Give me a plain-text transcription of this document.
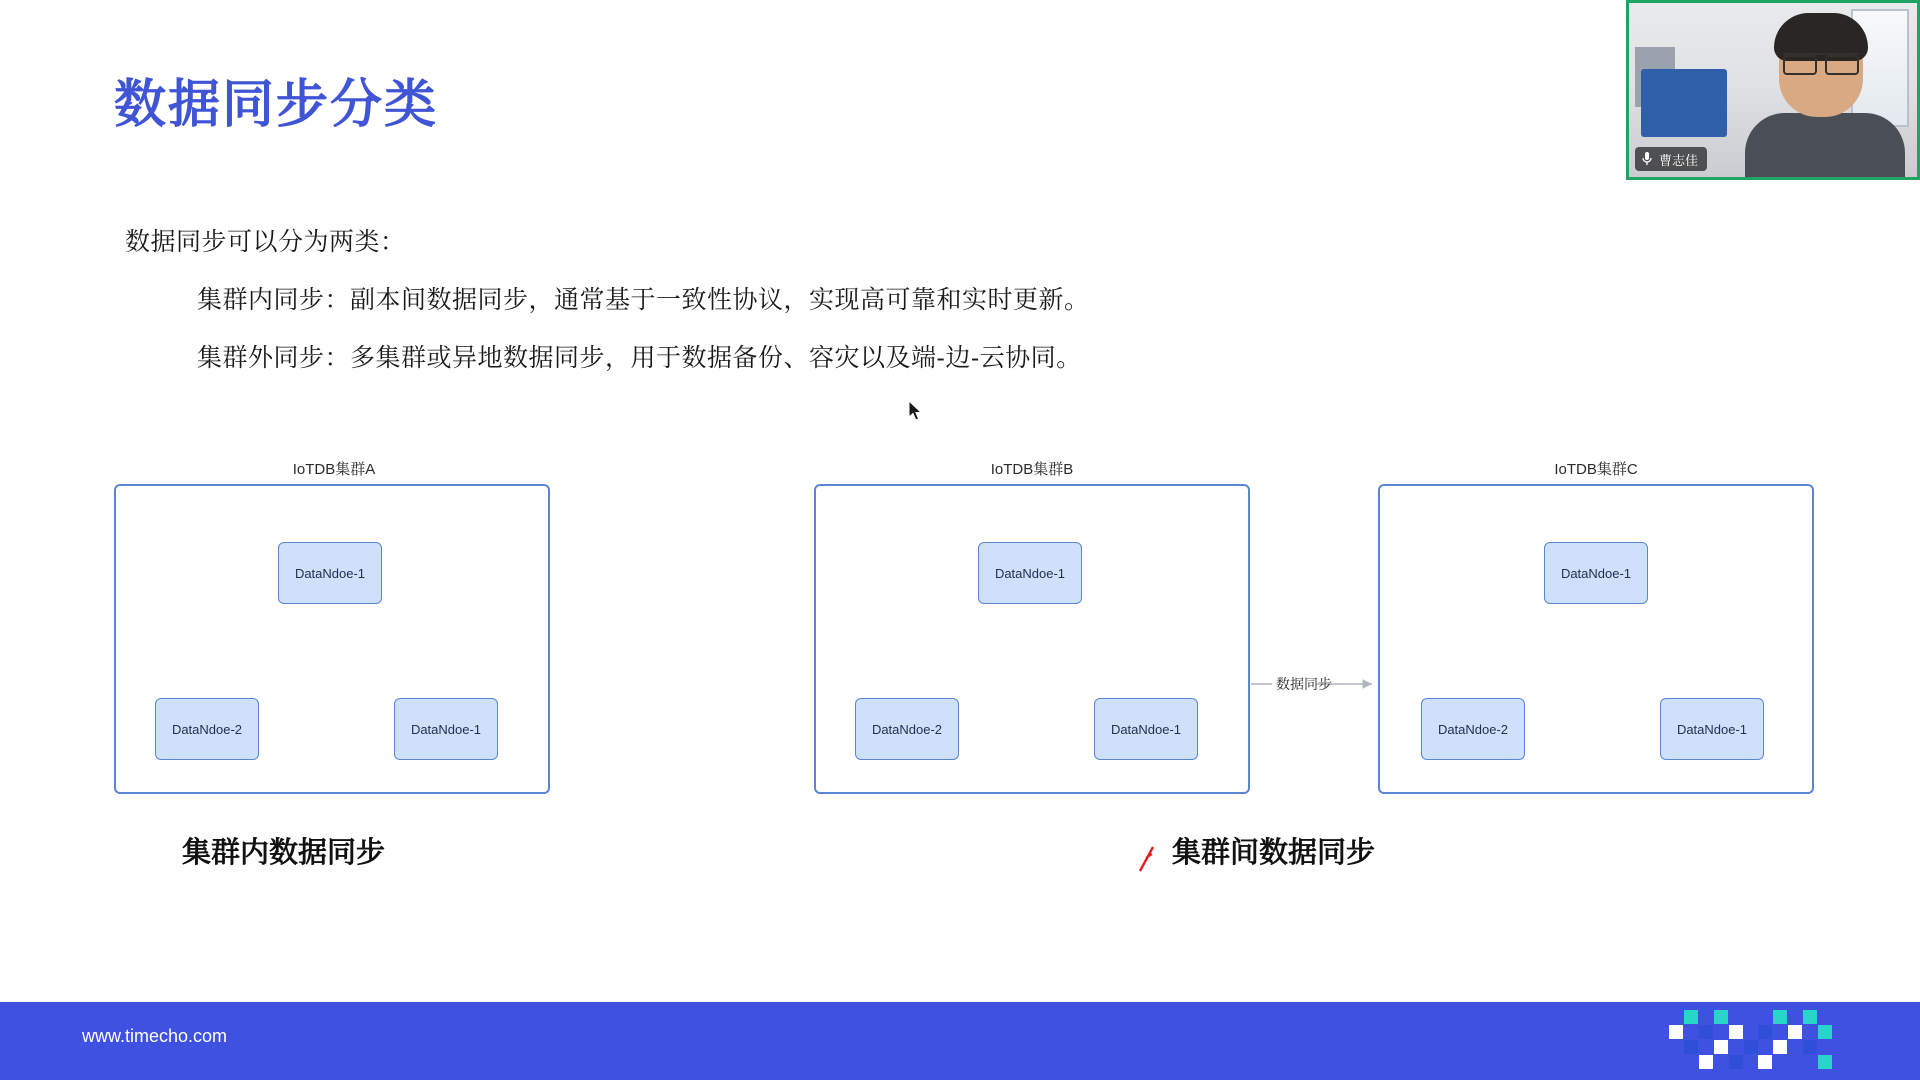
数据同步分类
数据同步可以分为两类：
集群内同步：副本间数据同步，通常基于一致性协议，实现高可靠和实时更新。
集群外同步：多集群或异地数据同步，用于数据备份、容灾以及端-边-云协同。
IoTDB集群A
DataNdoe-1
DataNdoe-2	DataNdoe-1
IoTDB集群B
DataNdoe-1
DataNdoe-2	DataNdoe-1
数据同步
IoTDB集群C
DataNdoe-1
DataNdoe-2	DataNdoe-1
集群内数据同步	集群间数据同步
www.timecho.com
曹志佳
